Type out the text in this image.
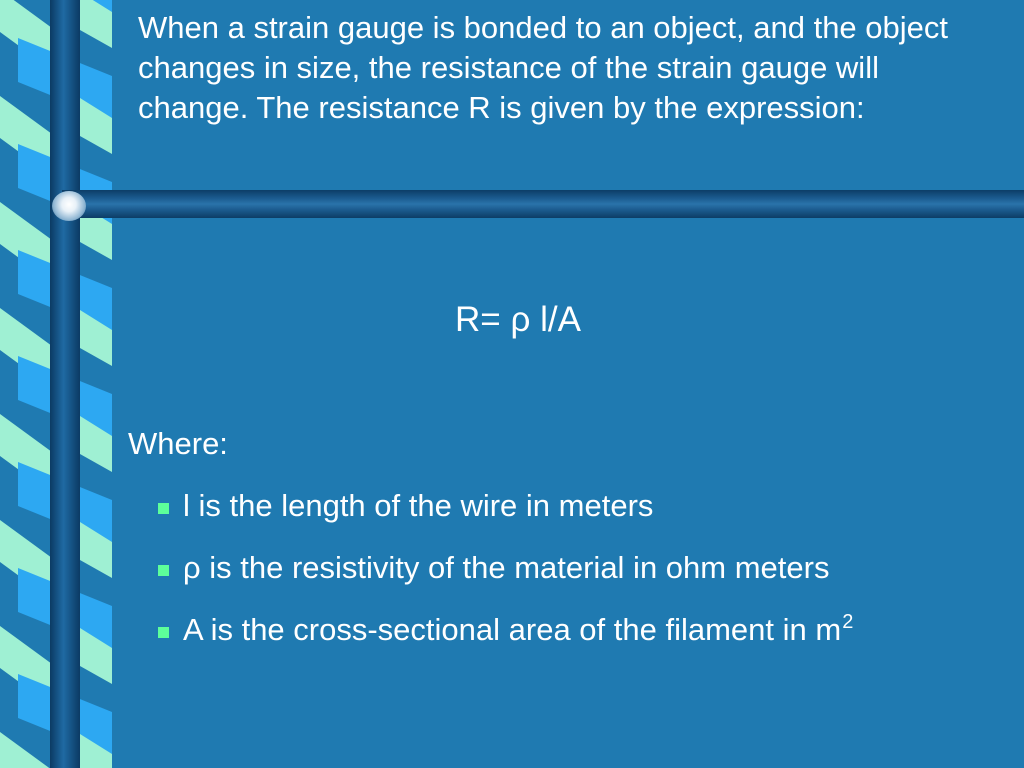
When a strain gauge is bonded to an object, and the object changes in size, the resistance of the strain gauge will change. The resistance R is given by the expression:

R= ρ l/A
Where:
l is the length of the wire in meters
ρ is the resistivity of the material in ohm meters
A is the cross-sectional area of the filament in $m^2$
